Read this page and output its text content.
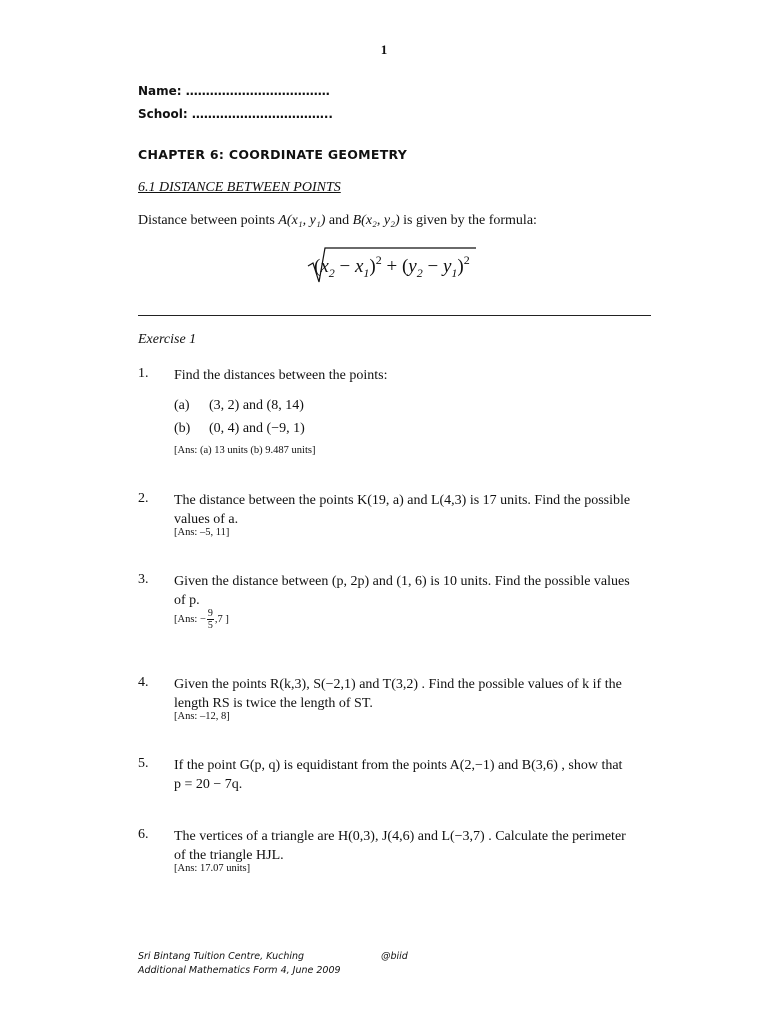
1
Name: ………………………………
School: ……………………………..
CHAPTER 6: COORDINATE GEOMETRY
6.1 DISTANCE BETWEEN POINTS
Distance between points A(x₁, y₁) and B(x₂, y₂) is given by the formula:
$(x_2 - x_1)^2 + (y_2 - y_1)^2$
Exercise 1
1. Find the distances between the points:
(a) (3, 2) and (8, 14)
(b) (0, 4) and (−9, 1)
[Ans: (a) 13 units (b) 9.487 units]
2. The distance between the points K(19, a) and L(4,3) is 17 units. Find the possible
values of a.
[Ans: –5, 11]
3. Given the distance between (p, 2p) and (1, 6) is 10 units. Find the possible values
of p.
[Ans: − $\frac{9}{5} ,7$ ]
4. Given the points R(k,3), S(−2,1) and T(3,2) . Find the possible values of k if the
length RS is twice the length of ST.
[Ans: –12, 8]
5. If the point G(p, q) is equidistant from the points A(2,−1) and B(3,6) , show that
p = 20 − 7q.
6. The vertices of a triangle are H(0,3), J(4,6) and L(−3,7) . Calculate the perimeter
of the triangle HJL.
[Ans: 17.07 units]
Sri Bintang Tuition Centre, Kuching
Additional Mathematics Form 4, June 2009
@biid
